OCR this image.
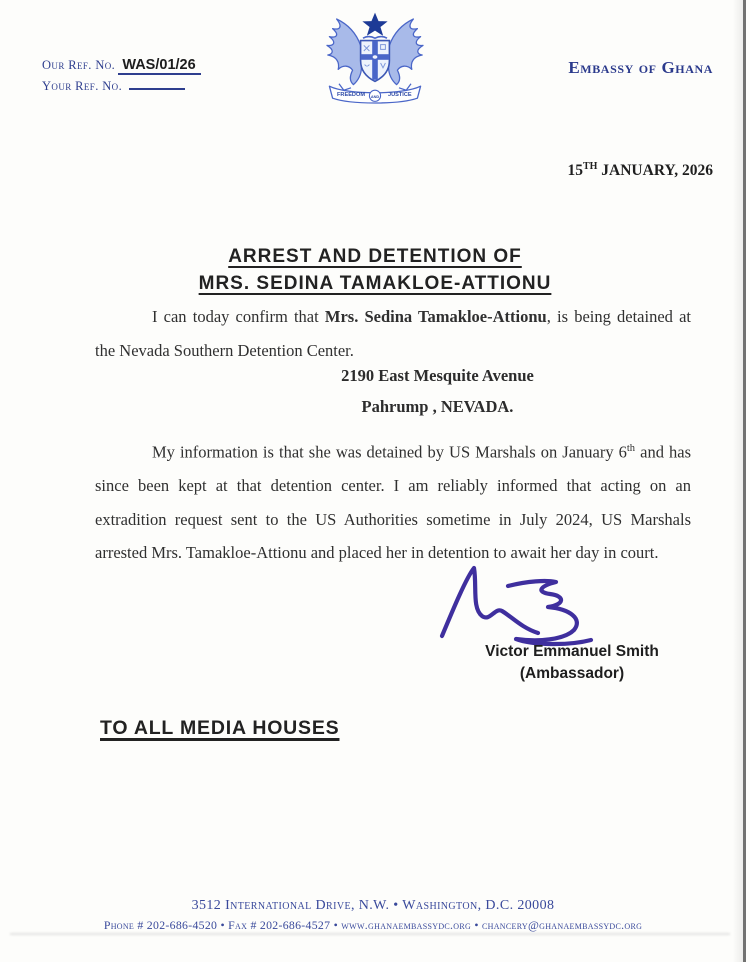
Our Ref. No. WAS/01/26
Your Ref. No.
FREEDOM	JUSTICE
AND
Embassy of Ghana
15TH JANUARY, 2026
ARREST AND DETENTION OF
MRS. SEDINA TAMAKLOE-ATTIONU
I can today confirm that Mrs. Sedina Tamakloe-Attionu, is being detained at the Nevada Southern Detention Center.
2190 East Mesquite Avenue
Pahrump , NEVADA.
My information is that she was detained by US Marshals on January 6th and has since been kept at that detention center. I am reliably informed that acting on an extradition request sent to the US Authorities sometime in July 2024, US Marshals arrested Mrs. Tamakloe-Attionu and placed her in detention to await her day in court.
Victor Emmanuel Smith
(Ambassador)
TO ALL MEDIA HOUSES
3512 International Drive, N.W. • Washington, D.C. 20008
Phone # 202-686-4520 • Fax # 202-686-4527 • www.ghanaembassydc.org • chancery@ghanaembassydc.org
